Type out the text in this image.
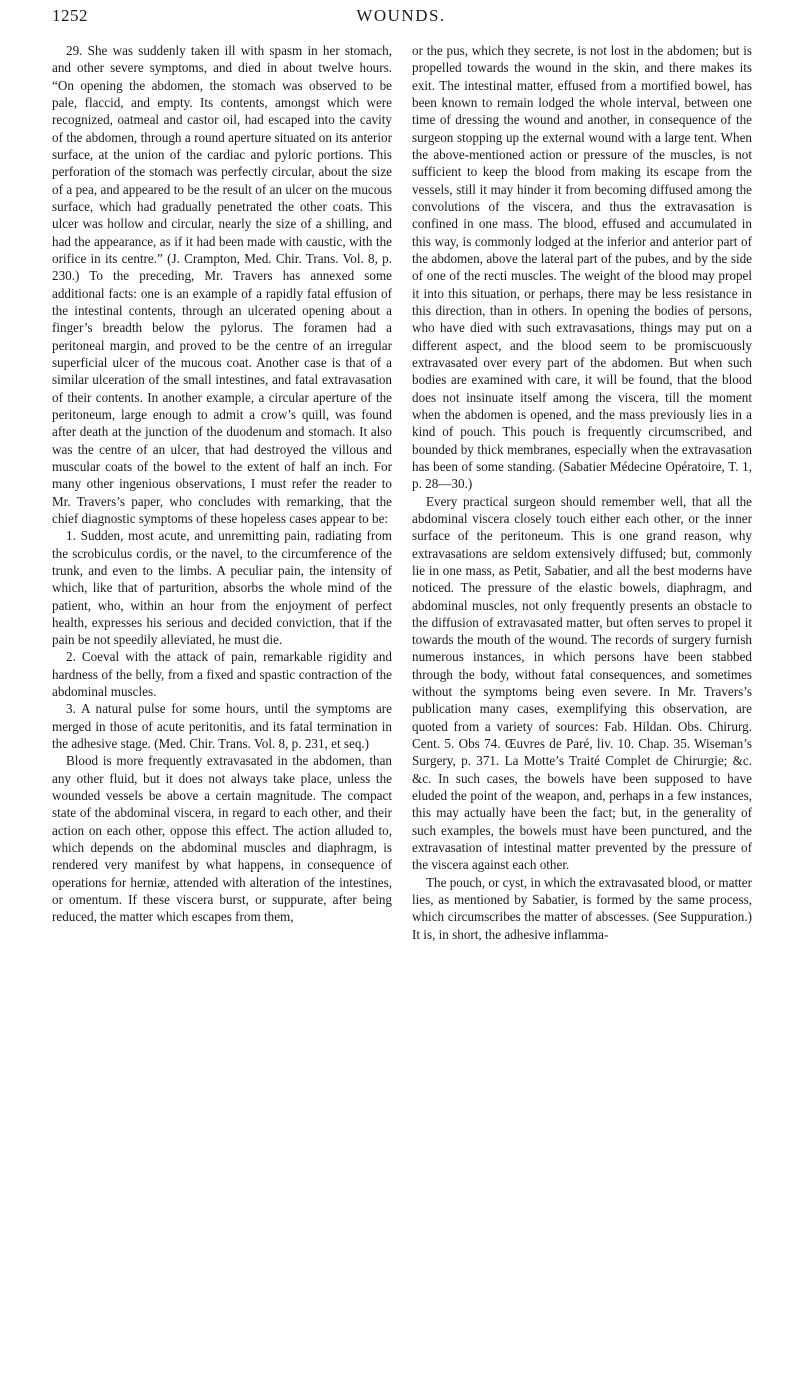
1252	WOUNDS.

29. She was suddenly taken ill with spasm in her stomach, and other severe symptoms, and died in about twelve hours. “On opening the abdomen, the stomach was observed to be pale, flaccid, and empty. Its contents, amongst which were recognized, oatmeal and castor oil, had escaped into the cavity of the abdomen, through a round aperture situated on its anterior surface, at the union of the cardiac and pyloric portions. This perforation of the stomach was perfectly circular, about the size of a pea, and appeared to be the result of an ulcer on the mucous surface, which had gradually penetrated the other coats. This ulcer was hollow and circular, nearly the size of a shilling, and had the appearance, as if it had been made with caustic, with the orifice in its centre.” (J. Crampton, Med. Chir. Trans. Vol. 8, p. 230.) To the preceding, Mr. Travers has annexed some additional facts: one is an example of a rapidly fatal effusion of the intestinal contents, through an ulcerated opening about a finger’s breadth below the pylorus. The foramen had a peritoneal margin, and proved to be the centre of an irregular superficial ulcer of the mucous coat. Another case is that of a similar ulceration of the small intestines, and fatal extravasation of their contents. In another example, a circular aperture of the peritoneum, large enough to admit a crow’s quill, was found after death at the junction of the duodenum and stomach. It also was the centre of an ulcer, that had destroyed the villous and muscular coats of the bowel to the extent of half an inch. For many other ingenious observations, I must refer the reader to Mr. Travers’s paper, who concludes with remarking, that the chief diagnostic symptoms of these hopeless cases appear to be:

1. Sudden, most acute, and unremitting pain, radiating from the scrobiculus cordis, or the navel, to the circumference of the trunk, and even to the limbs. A peculiar pain, the intensity of which, like that of parturition, absorbs the whole mind of the patient, who, within an hour from the enjoyment of perfect health, expresses his serious and decided conviction, that if the pain be not speedily alleviated, he must die.

2. Coeval with the attack of pain, remarkable rigidity and hardness of the belly, from a fixed and spastic contraction of the abdominal muscles.

3. A natural pulse for some hours, until the symptoms are merged in those of acute peritonitis, and its fatal termination in the adhesive stage. (Med. Chir. Trans. Vol. 8, p. 231, et seq.)

Blood is more frequently extravasated in the abdomen, than any other fluid, but it does not always take place, unless the wounded vessels be above a certain magnitude. The compact state of the abdominal viscera, in regard to each other, and their action on each other, oppose this effect. The action alluded to, which depends on the abdominal muscles and diaphragm, is rendered very manifest by what happens, in consequence of operations for herniæ, attended with alteration of the intestines, or omentum. If these viscera burst, or suppurate, after being reduced, the matter which escapes from them,

or the pus, which they secrete, is not lost in the abdomen; but is propelled towards the wound in the skin, and there makes its exit. The intestinal matter, effused from a mortified bowel, has been known to remain lodged the whole interval, between one time of dressing the wound and another, in consequence of the surgeon stopping up the external wound with a large tent. When the above-mentioned action or pressure of the muscles, is not sufficient to keep the blood from making its escape from the vessels, still it may hinder it from becoming diffused among the convolutions of the viscera, and thus the extravasation is confined in one mass. The blood, effused and accumulated in this way, is commonly lodged at the inferior and anterior part of the abdomen, above the lateral part of the pubes, and by the side of one of the recti muscles. The weight of the blood may propel it into this situation, or perhaps, there may be less resistance in this direction, than in others. In opening the bodies of persons, who have died with such extravasations, things may put on a different aspect, and the blood seem to be promiscuously extravasated over every part of the abdomen. But when such bodies are examined with care, it will be found, that the blood does not insinuate itself among the viscera, till the moment when the abdomen is opened, and the mass previously lies in a kind of pouch. This pouch is frequently circumscribed, and bounded by thick membranes, especially when the extravasation has been of some standing. (Sabatier Médecine Opératoire, T. 1, p. 28—30.)

Every practical surgeon should remember well, that all the abdominal viscera closely touch either each other, or the inner surface of the peritoneum. This is one grand reason, why extravasations are seldom extensively diffused; but, commonly lie in one mass, as Petit, Sabatier, and all the best moderns have noticed. The pressure of the elastic bowels, diaphragm, and abdominal muscles, not only frequently presents an obstacle to the diffusion of extravasated matter, but often serves to propel it towards the mouth of the wound. The records of surgery furnish numerous instances, in which persons have been stabbed through the body, without fatal consequences, and sometimes without the symptoms being even severe. In Mr. Travers’s publication many cases, exemplifying this observation, are quoted from a variety of sources: Fab. Hildan. Obs. Chirurg. Cent. 5. Obs 74. Œuvres de Paré, liv. 10. Chap. 35. Wiseman’s Surgery, p. 371. La Motte’s Traité Complet de Chirurgie; &c. &c. In such cases, the bowels have been supposed to have eluded the point of the weapon, and, perhaps in a few instances, this may actually have been the fact; but, in the generality of such examples, the bowels must have been punctured, and the extravasation of intestinal matter prevented by the pressure of the viscera against each other.

The pouch, or cyst, in which the extravasated blood, or matter lies, as mentioned by Sabatier, is formed by the same process, which circumscribes the matter of abscesses. (See Suppuration.) It is, in short, the adhesive inflamma-
